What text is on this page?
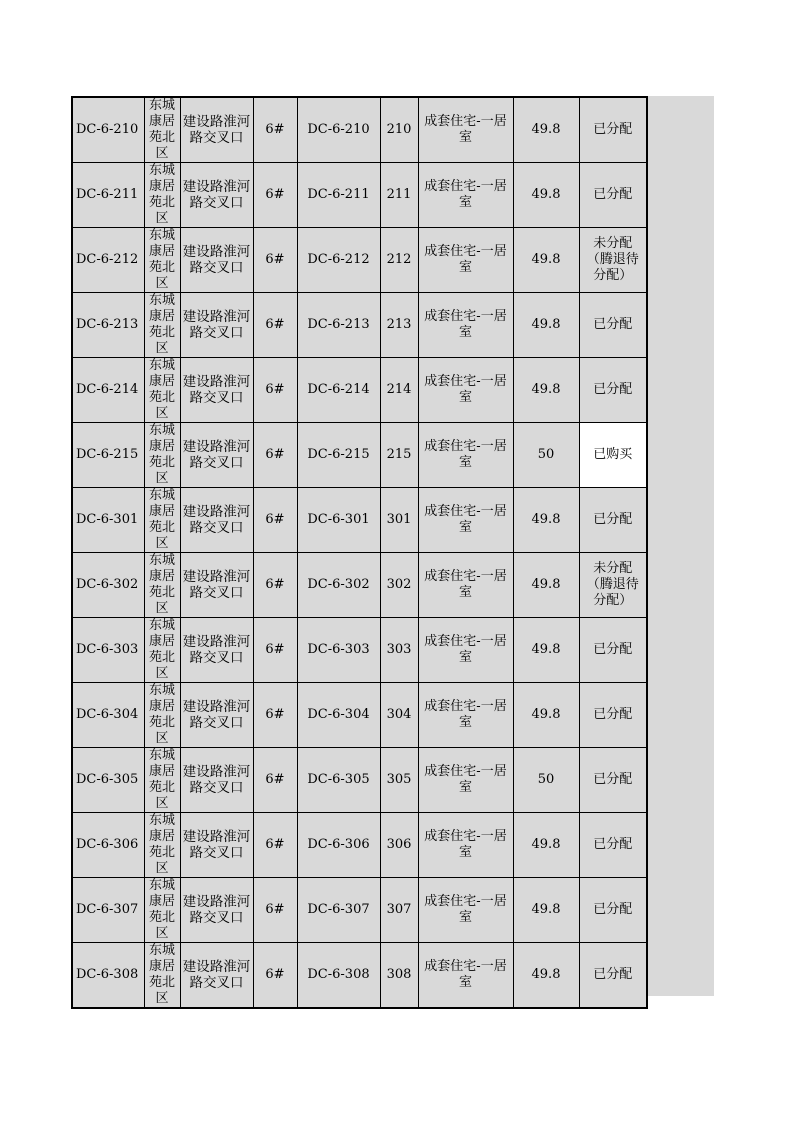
DC-6-210	东城
康居
苑北
区	建设路淮河
路交叉口	6#	DC-6-210	210	成套住宅-一居
室	49.8	已分配
DC-6-211	东城
康居
苑北
区	建设路淮河
路交叉口	6#	DC-6-211	211	成套住宅-一居
室	49.8	已分配
DC-6-212	东城
康居
苑北
区	建设路淮河
路交叉口	6#	DC-6-212	212	成套住宅-一居
室	49.8	未分配
（腾退待
分配）
DC-6-213	东城
康居
苑北
区	建设路淮河
路交叉口	6#	DC-6-213	213	成套住宅-一居
室	49.8	已分配
DC-6-214	东城
康居
苑北
区	建设路淮河
路交叉口	6#	DC-6-214	214	成套住宅-一居
室	49.8	已分配
DC-6-215	东城
康居
苑北
区	建设路淮河
路交叉口	6#	DC-6-215	215	成套住宅-一居
室	50	已购买
DC-6-301	东城
康居
苑北
区	建设路淮河
路交叉口	6#	DC-6-301	301	成套住宅-一居
室	49.8	已分配
DC-6-302	东城
康居
苑北
区	建设路淮河
路交叉口	6#	DC-6-302	302	成套住宅-一居
室	49.8	未分配
（腾退待
分配）
DC-6-303	东城
康居
苑北
区	建设路淮河
路交叉口	6#	DC-6-303	303	成套住宅-一居
室	49.8	已分配
DC-6-304	东城
康居
苑北
区	建设路淮河
路交叉口	6#	DC-6-304	304	成套住宅-一居
室	49.8	已分配
DC-6-305	东城
康居
苑北
区	建设路淮河
路交叉口	6#	DC-6-305	305	成套住宅-一居
室	50	已分配
DC-6-306	东城
康居
苑北
区	建设路淮河
路交叉口	6#	DC-6-306	306	成套住宅-一居
室	49.8	已分配
DC-6-307	东城
康居
苑北
区	建设路淮河
路交叉口	6#	DC-6-307	307	成套住宅-一居
室	49.8	已分配
DC-6-308	东城
康居
苑北
区	建设路淮河
路交叉口	6#	DC-6-308	308	成套住宅-一居
室	49.8	已分配
